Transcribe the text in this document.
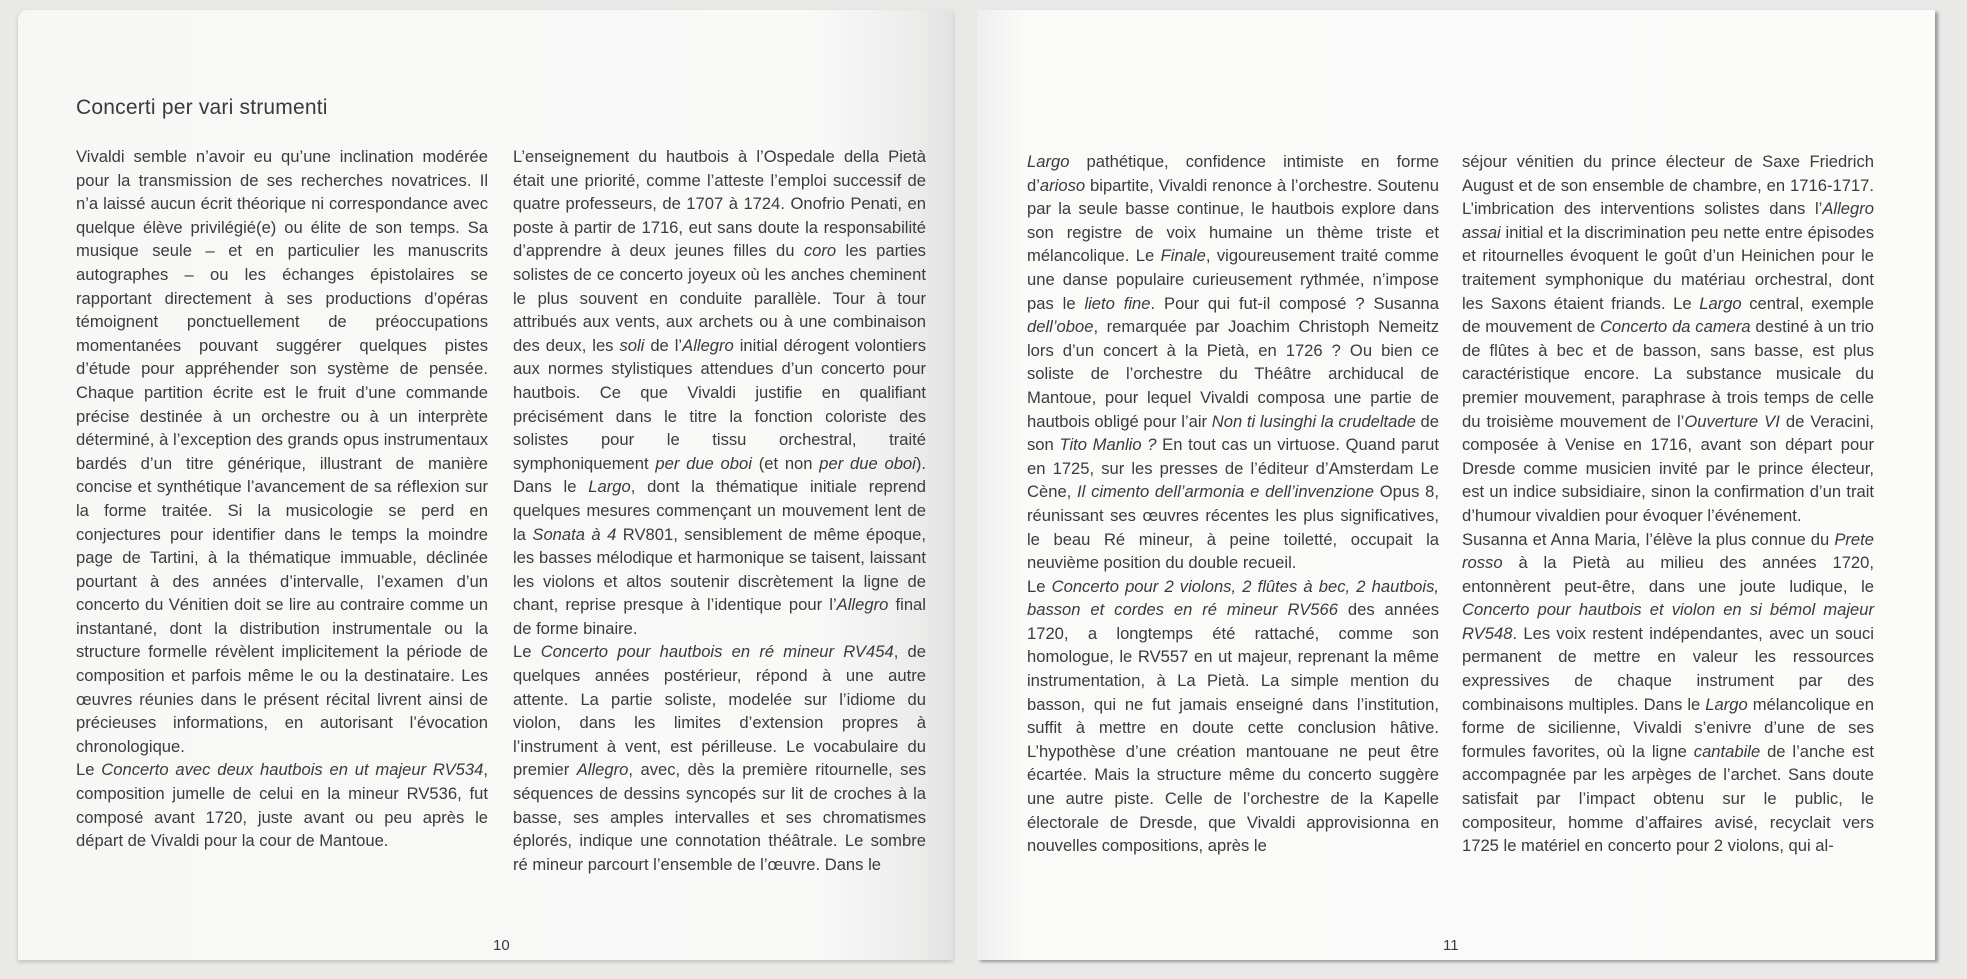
Concerti per vari strumenti

Vivaldi semble n’avoir eu qu’une inclination modérée pour la transmission de ses recherches novatrices. Il n’a laissé aucun écrit théorique ni correspondance avec quelque élève privilégié(e) ou élite de son temps. Sa musique seule – et en particulier les manuscrits autographes – ou les échanges épistolaires se rapportant directement à ses productions d’opéras témoignent ponctuellement de préoccupations momentanées pouvant suggérer quelques pistes d’étude pour appréhender son système de pensée. Chaque partition écrite est le fruit d’une commande précise destinée à un orchestre ou à un interprète déterminé, à l’exception des grands opus instrumentaux bardés d’un titre générique, illustrant de manière concise et synthétique l’avancement de sa réflexion sur la forme traitée. Si la musicologie se perd en conjectures pour identifier dans le temps la moindre page de Tartini, à la thématique immuable, déclinée pourtant à des années d’intervalle, l’examen d’un concerto du Vénitien doit se lire au contraire comme un instantané, dont la distribution instrumentale ou la structure formelle révèlent implicitement la période de composition et parfois même le ou la destinataire. Les œuvres réunies dans le présent récital livrent ainsi de précieuses informations, en autorisant l’évocation chronologique.

Le Concerto avec deux hautbois en ut majeur RV534, composition jumelle de celui en la mineur RV536, fut composé avant 1720, juste avant ou peu après le départ de Vivaldi pour la cour de Mantoue.

L’enseignement du hautbois à l’Ospedale della Pietà était une priorité, comme l’atteste l’emploi successif de quatre professeurs, de 1707 à 1724. Onofrio Penati, en poste à partir de 1716, eut sans doute la responsabilité d’apprendre à deux jeunes filles du coro les parties solistes de ce concerto joyeux où les anches cheminent le plus souvent en conduite parallèle. Tour à tour attribués aux vents, aux archets ou à une combinaison des deux, les soli de l’Allegro initial dérogent volontiers aux normes stylistiques attendues d’un concerto pour hautbois. Ce que Vivaldi justifie en qualifiant précisément dans le titre la fonction coloriste des solistes pour le tissu orchestral, traité symphoniquement per due oboi (et non per due oboi). Dans le Largo, dont la thématique initiale reprend quelques mesures commençant un mouvement lent de la Sonata à 4 RV801, sensiblement de même époque, les basses mélodique et harmonique se taisent, laissant les violons et altos soutenir discrètement la ligne de chant, reprise presque à l’identique pour l’Allegro final de forme binaire.

Le Concerto pour hautbois en ré mineur RV454, de quelques années postérieur, répond à une autre attente. La partie soliste, modelée sur l’idiome du violon, dans les limites d’extension propres à l’instrument à vent, est périlleuse. Le vocabulaire du premier Allegro, avec, dès la première ritournelle, ses séquences de dessins syncopés sur lit de croches à la basse, ses amples intervalles et ses chromatismes éplorés, indique une connotation théâtrale. Le sombre ré mineur parcourt l’ensemble de l’œuvre. Dans le

Largo pathétique, confidence intimiste en forme d’arioso bipartite, Vivaldi renonce à l’orchestre. Soutenu par la seule basse continue, le hautbois explore dans son registre de voix humaine un thème triste et mélancolique. Le Finale, vigoureusement traité comme une danse populaire curieusement rythmée, n’impose pas le lieto fine. Pour qui fut-il composé ? Susanna dell’oboe, remarquée par Joachim Christoph Nemeitz lors d’un concert à la Pietà, en 1726 ? Ou bien ce soliste de l’orchestre du Théâtre archiducal de Mantoue, pour lequel Vivaldi composa une partie de hautbois obligé pour l’air Non ti lusinghi la crudeltade de son Tito Manlio ? En tout cas un virtuose. Quand parut en 1725, sur les presses de l’éditeur d’Amsterdam Le Cène, Il cimento dell’armonia e dell’invenzione Opus 8, réunissant ses œuvres récentes les plus significatives, le beau Ré mineur, à peine toiletté, occupait la neuvième position du double recueil.

Le Concerto pour 2 violons, 2 flûtes à bec, 2 hautbois, basson et cordes en ré mineur RV566 des années 1720, a longtemps été rattaché, comme son homologue, le RV557 en ut majeur, reprenant la même instrumentation, à La Pietà. La simple mention du basson, qui ne fut jamais enseigné dans l’institution, suffit à mettre en doute cette conclusion hâtive. L’hypothèse d’une création mantouane ne peut être écartée. Mais la structure même du concerto suggère une autre piste. Celle de l’orchestre de la Kapelle électorale de Dresde, que Vivaldi approvisionna en nouvelles compositions, après le

séjour vénitien du prince électeur de Saxe Friedrich August et de son ensemble de chambre, en 1716-1717. L’imbrication des interventions solistes dans l’Allegro assai initial et la discrimination peu nette entre épisodes et ritournelles évoquent le goût d’un Heinichen pour le traitement symphonique du matériau orchestral, dont les Saxons étaient friands. Le Largo central, exemple de mouvement de Concerto da camera destiné à un trio de flûtes à bec et de basson, sans basse, est plus caractéristique encore. La substance musicale du premier mouvement, paraphrase à trois temps de celle du troisième mouvement de l’Ouverture VI de Veracini, composée à Venise en 1716, avant son départ pour Dresde comme musicien invité par le prince électeur, est un indice subsidiaire, sinon la confirmation d’un trait d’humour vivaldien pour évoquer l’événement.

Susanna et Anna Maria, l’élève la plus connue du Prete rosso à la Pietà au milieu des années 1720, entonnèrent peut-être, dans une joute ludique, le Concerto pour hautbois et violon en si bémol majeur RV548. Les voix restent indépendantes, avec un souci permanent de mettre en valeur les ressources expressives de chaque instrument par des combinaisons multiples. Dans le Largo mélancolique en forme de sicilienne, Vivaldi s’enivre d’une de ses formules favorites, où la ligne cantabile de l’anche est accompagnée par les arpèges de l’archet. Sans doute satisfait par l’impact obtenu sur le public, le compositeur, homme d’affaires avisé, recyclait vers 1725 le matériel en concerto pour 2 violons, qui al-

10	11
